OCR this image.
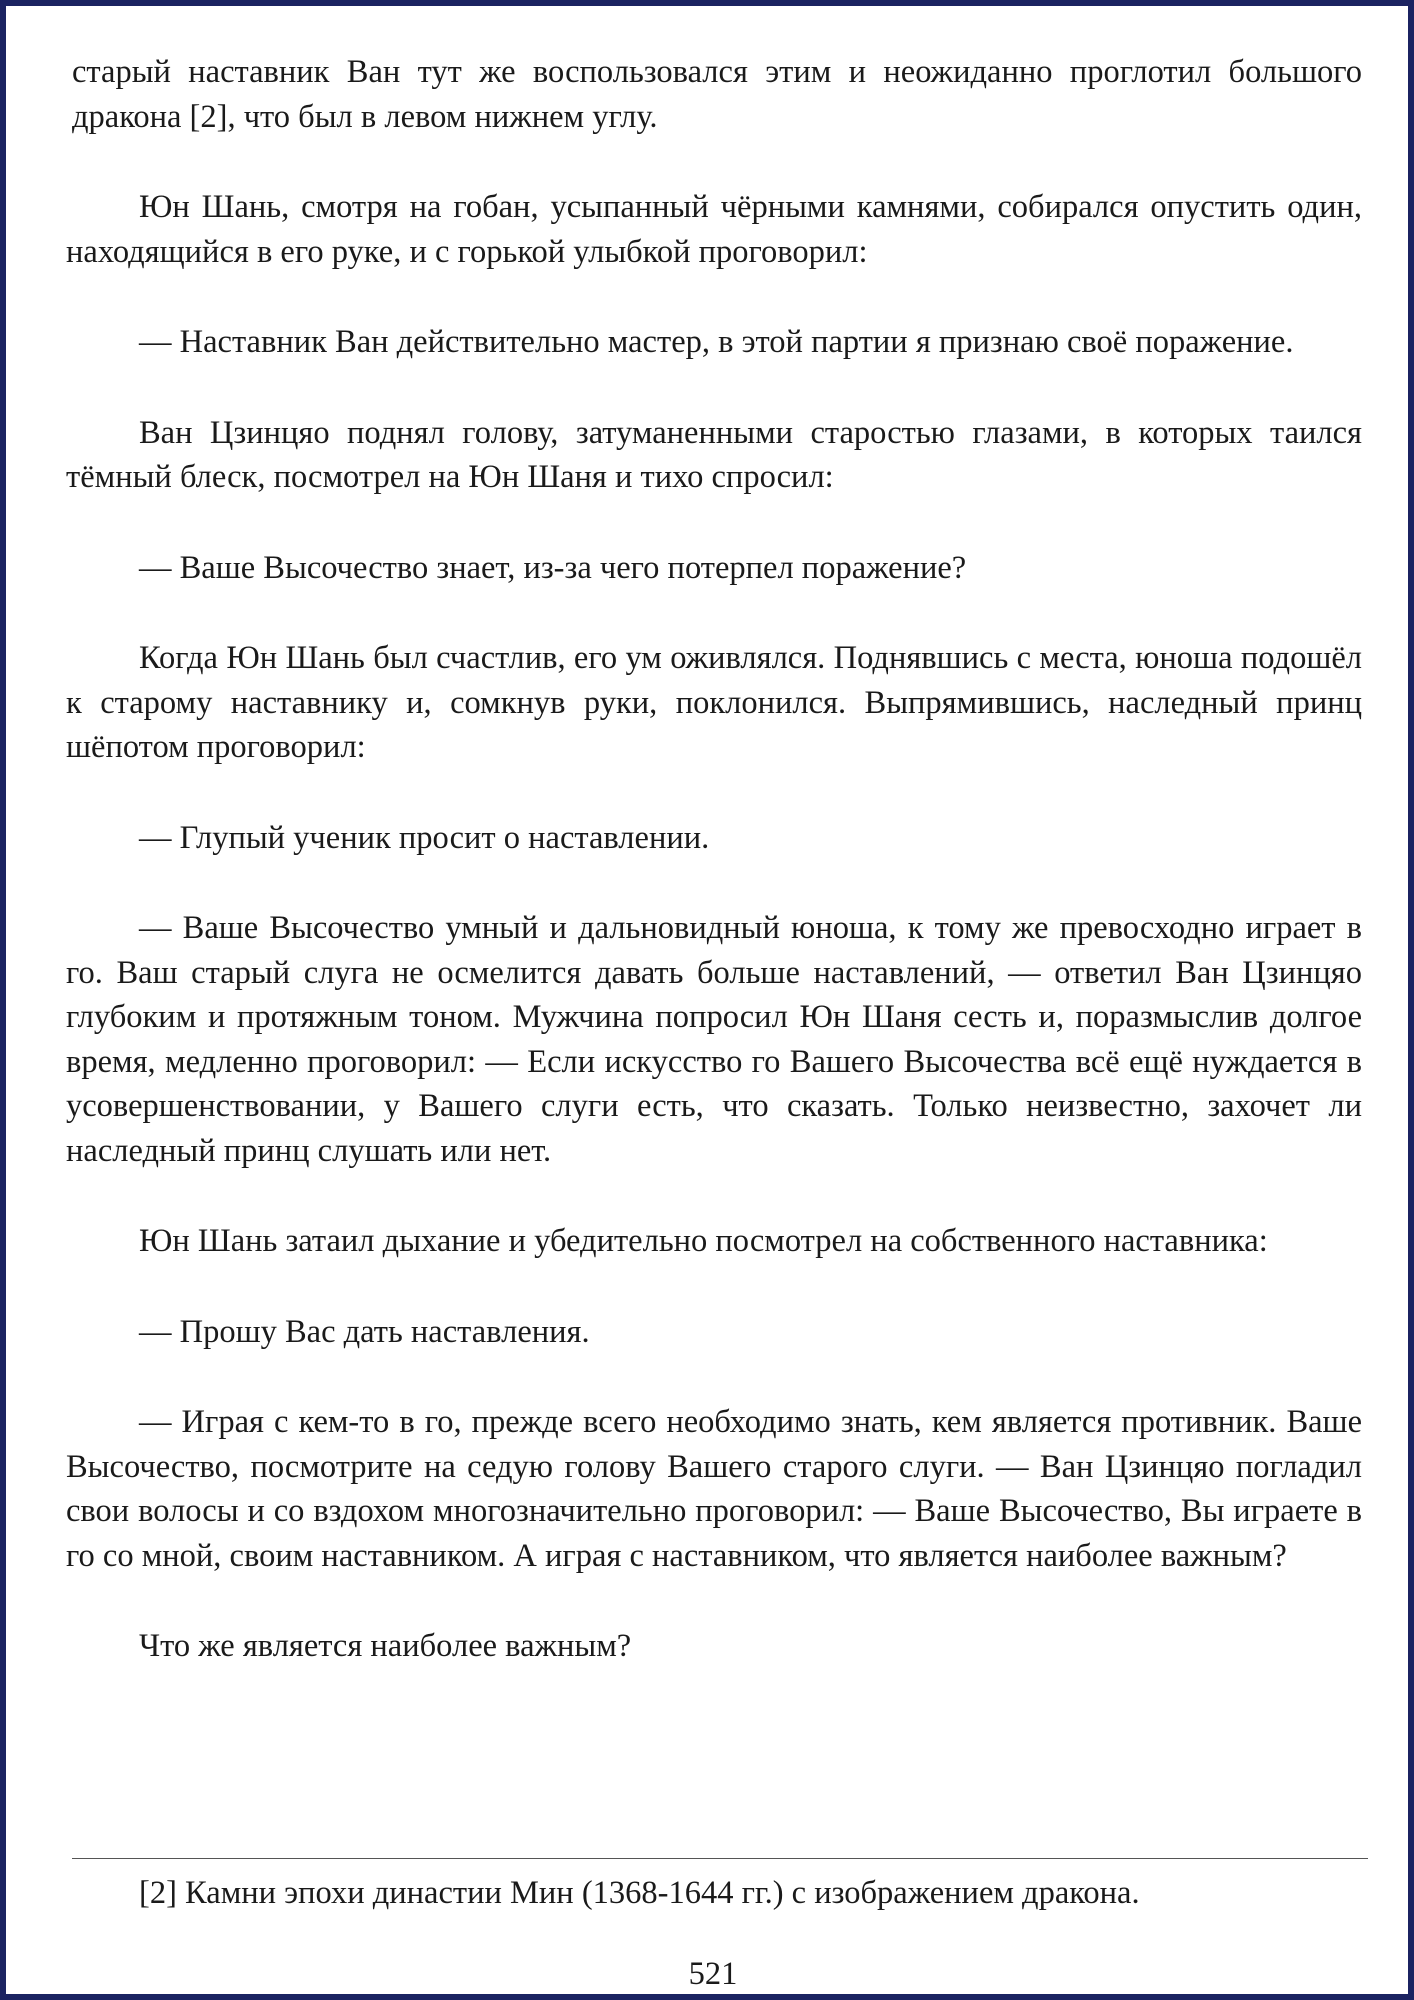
старый наставник Ван тут же воспользовался этим и неожиданно проглотил большого дракона [2], что был в левом нижнем углу.

Юн Шань, смотря на гобан, усыпанный чёрными камнями, собирался опустить один, находящийся в его руке, и с горькой улыбкой проговорил:

— Наставник Ван действительно мастер, в этой партии я признаю своё поражение.

Ван Цзинцяо поднял голову, затуманенными старостью глазами, в которых таился тёмный блеск, посмотрел на Юн Шаня и тихо спросил:

— Ваше Высочество знает, из-за чего потерпел поражение?

Когда Юн Шань был счастлив, его ум оживлялся. Поднявшись с места, юноша подошёл к старому наставнику и, сомкнув руки, поклонился. Выпрямившись, наследный принц шёпотом проговорил:

— Глупый ученик просит о наставлении.

— Ваше Высочество умный и дальновидный юноша, к тому же превосходно играет в го. Ваш старый слуга не осмелится давать больше наставлений, — ответил Ван Цзинцяо глубоким и протяжным тоном. Мужчина попросил Юн Шаня сесть и, поразмыслив долгое время, медленно проговорил: — Если искусство го Вашего Высочества всё ещё нуждается в усовершенствовании, у Вашего слуги есть, что сказать. Только неизвестно, захочет ли наследный принц слушать или нет.

Юн Шань затаил дыхание и убедительно посмотрел на собственного наставника:

— Прошу Вас дать наставления.

— Играя с кем-то в го, прежде всего необходимо знать, кем является противник. Ваше Высочество, посмотрите на седую голову Вашего старого слуги. — Ван Цзинцяо погладил свои волосы и со вздохом многозначительно проговорил: — Ваше Высочество, Вы играете в го со мной, своим наставником. А играя с наставником, что является наиболее важным?

Что же является наиболее важным?

[2] Камни эпохи династии Мин (1368-1644 гг.) с изображением дракона.
521
